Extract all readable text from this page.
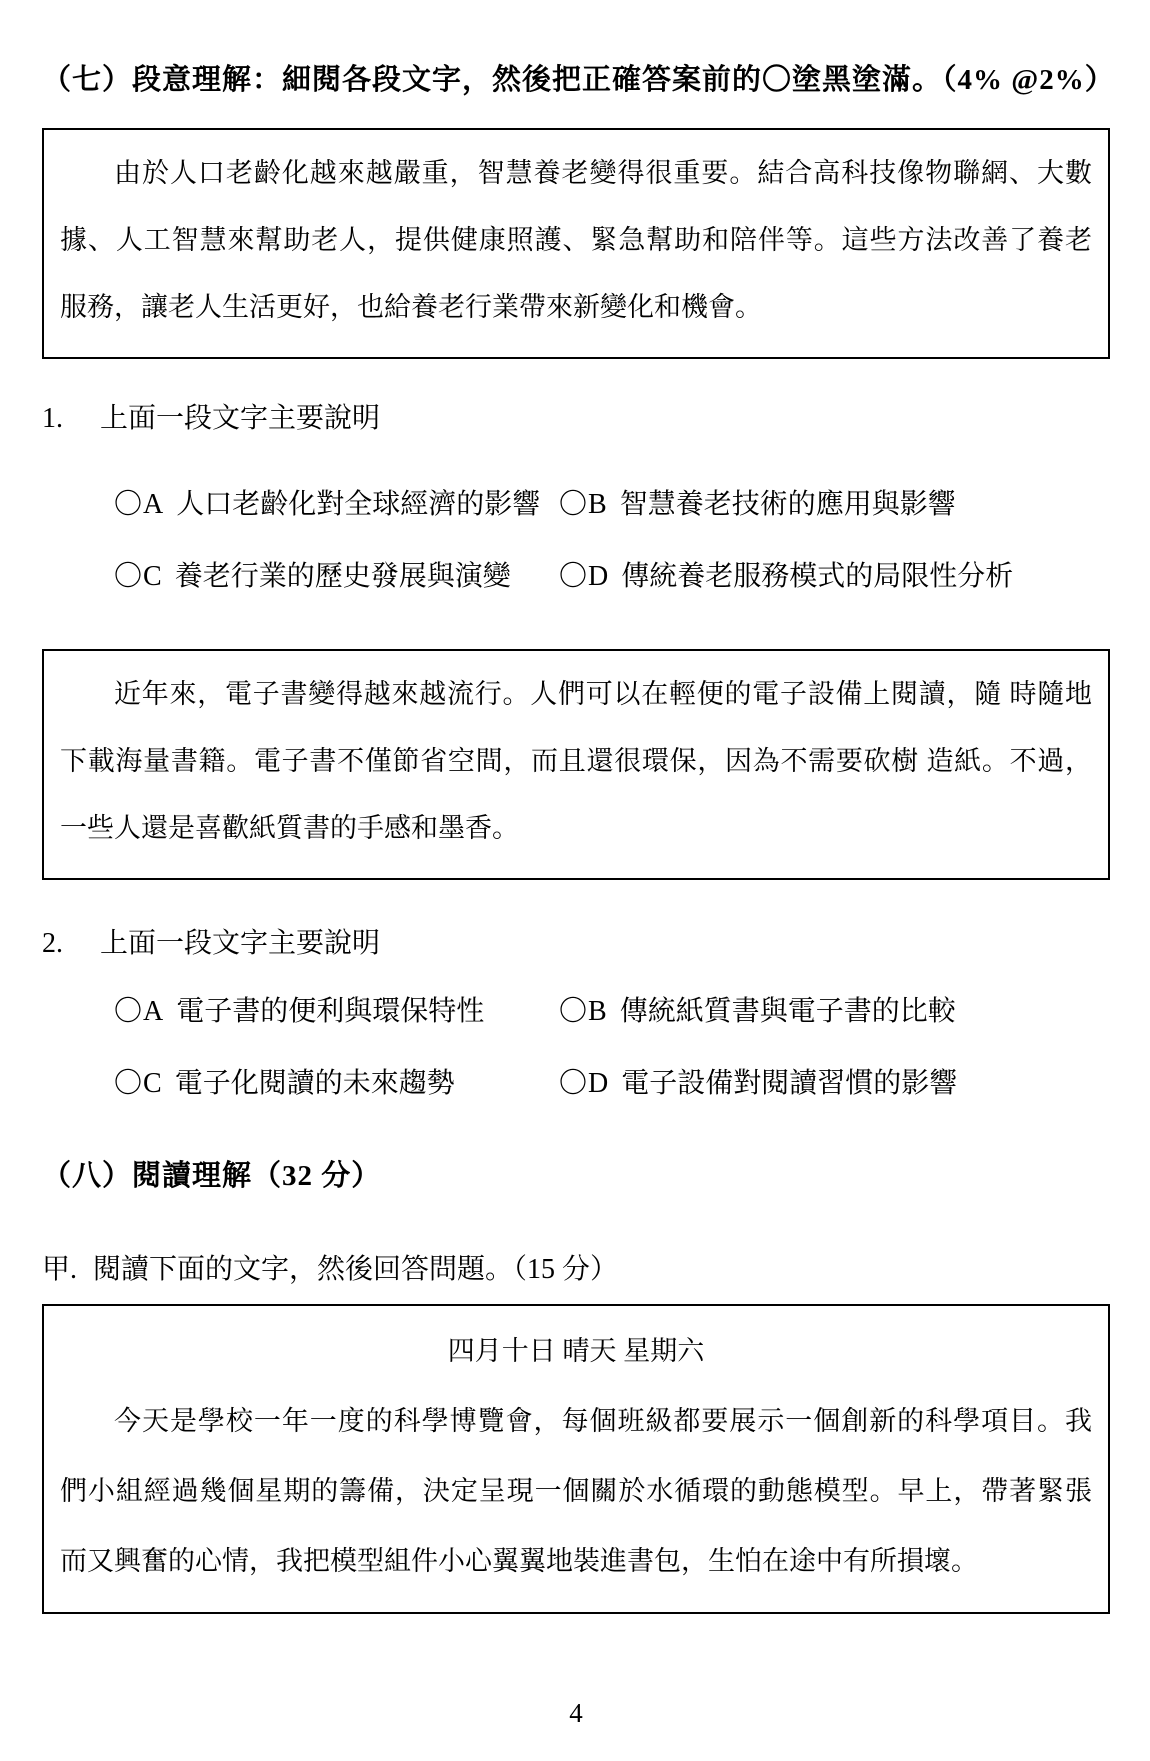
（七）段意理解：細閱各段文字，然後把正確答案前的〇塗黑塗滿。（4% @2%）
由於人口老齡化越來越嚴重，智慧養老變得很重要。結合高科技像物聯網、大數
據、人工智慧來幫助老人，提供健康照護、緊急幫助和陪伴等。這些方法改善了養老
服務，讓老人生活更好，也給養老行業帶來新變化和機會。
1. 上面一段文字主要說明
〇A 人口老齡化對全球經濟的影響 〇B 智慧養老技術的應用與影響
〇C 養老行業的歷史發展與演變	〇D 傳統養老服務模式的局限性分析
近年來，電子書變得越來越流行。人們可以在輕便的電子設備上閱讀，隨 時隨地
下載海量書籍。電子書不僅節省空間，而且還很環保，因為不需要砍樹 造紙。不過，
一些人還是喜歡紙質書的手感和墨香。
2. 上面一段文字主要說明
〇A 電子書的便利與環保特性	〇B 傳統紙質書與電子書的比較
〇C 電子化閱讀的未來趨勢	〇D 電子設備對閱讀習慣的影響
（八）閱讀理解（32 分）
甲. 閱讀下面的文字，然後回答問題。（15 分）
四月十日 晴天 星期六
今天是學校一年一度的科學博覽會，每個班級都要展示一個創新的科學項目。我
們小組經過幾個星期的籌備，決定呈現一個關於水循環的動態模型。早上，帶著緊張
而又興奮的心情，我把模型組件小心翼翼地裝進書包，生怕在途中有所損壞。
4
